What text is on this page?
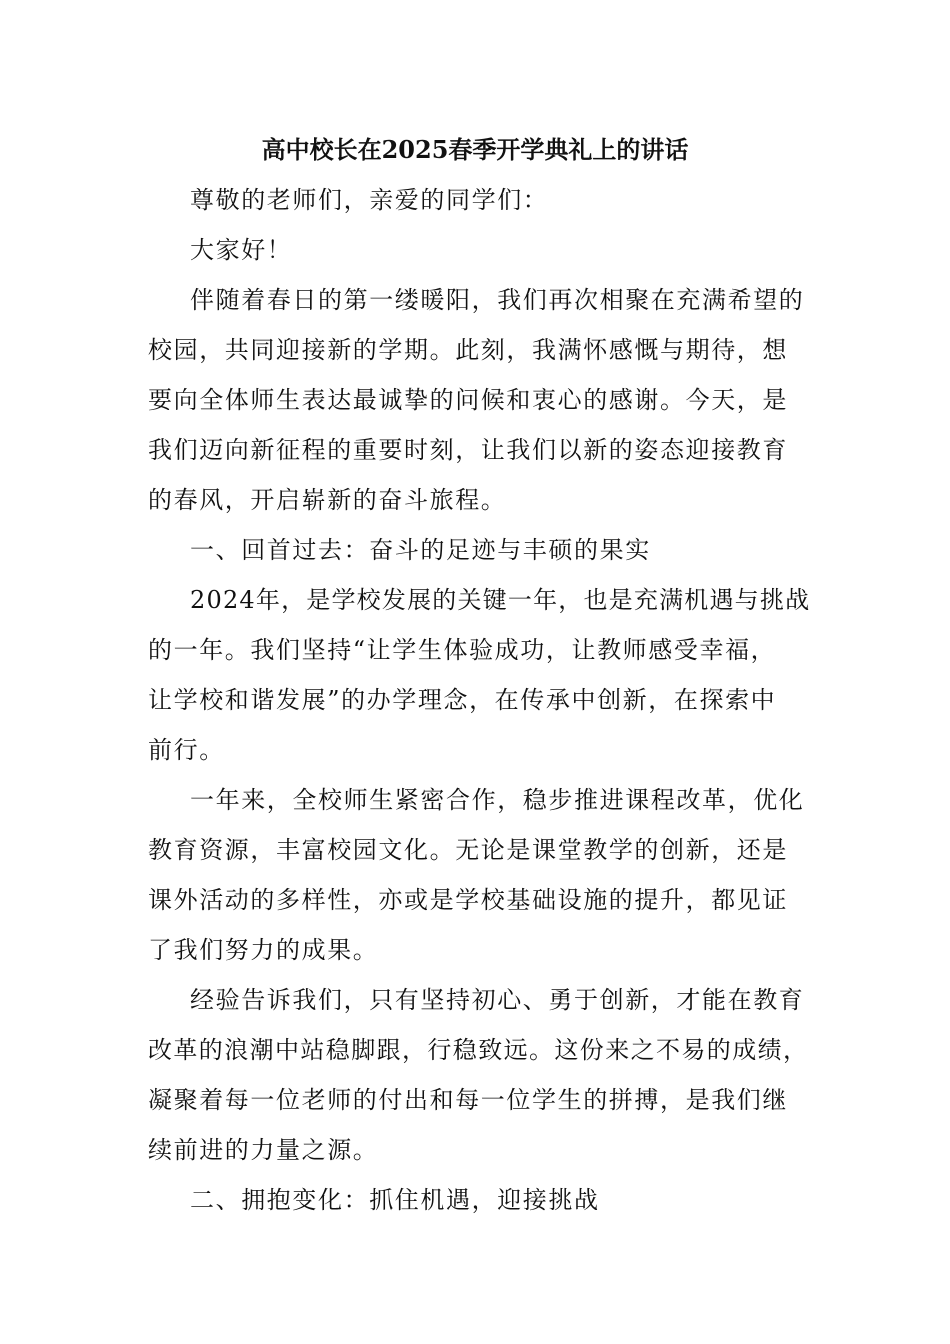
高中校长在2025春季开学典礼上的讲话
尊敬的老师们，亲爱的同学们：
大家好！
伴随着春日的第一缕暖阳，我们再次相聚在充满希望的
校园，共同迎接新的学期。此刻，我满怀感慨与期待，想
要向全体师生表达最诚挚的问候和衷心的感谢。今天，是
我们迈向新征程的重要时刻，让我们以新的姿态迎接教育
的春风，开启崭新的奋斗旅程。
一、回首过去：奋斗的足迹与丰硕的果实
2024年，是学校发展的关键一年，也是充满机遇与挑战
的一年。我们坚持“让学生体验成功，让教师感受幸福，
让学校和谐发展”的办学理念，在传承中创新，在探索中
前行。
一年来，全校师生紧密合作，稳步推进课程改革，优化
教育资源，丰富校园文化。无论是课堂教学的创新，还是
课外活动的多样性，亦或是学校基础设施的提升，都见证
了我们努力的成果。
经验告诉我们，只有坚持初心、勇于创新，才能在教育
改革的浪潮中站稳脚跟，行稳致远。这份来之不易的成绩，
凝聚着每一位老师的付出和每一位学生的拼搏，是我们继
续前进的力量之源。
二、拥抱变化：抓住机遇，迎接挑战
